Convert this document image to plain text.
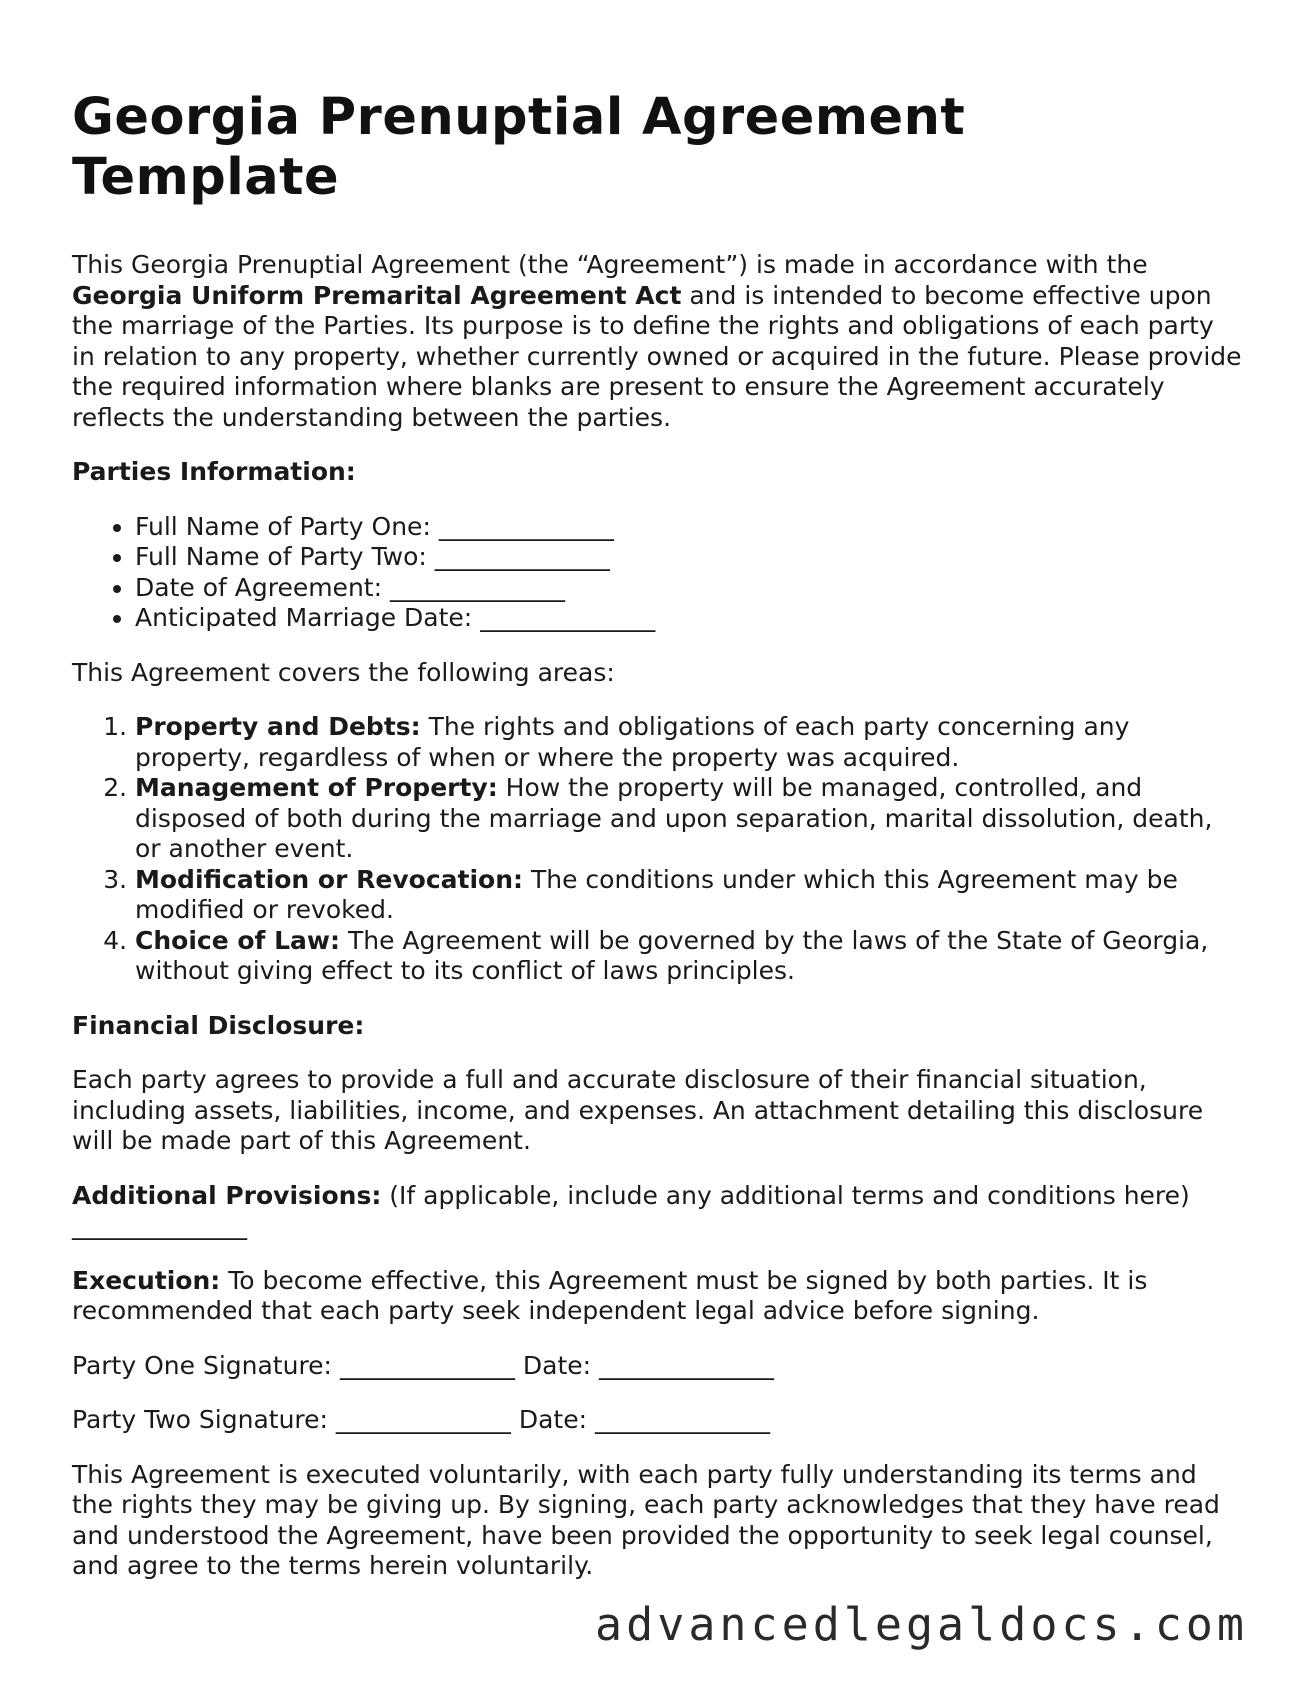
Georgia Prenuptial Agreement Template

This Georgia Prenuptial Agreement (the “Agreement”) is made in accordance with the Georgia Uniform Premarital Agreement Act and is intended to become effective upon the marriage of the Parties. Its purpose is to define the rights and obligations of each party in relation to any property, whether currently owned or acquired in the future. Please provide the required information where blanks are present to ensure the Agreement accurately reflects the understanding between the parties.

Parties Information:

• Full Name of Party One: ______________
• Full Name of Party Two: ______________
• Date of Agreement: ______________
• Anticipated Marriage Date: ______________

This Agreement covers the following areas:

1. Property and Debts: The rights and obligations of each party concerning any property, regardless of when or where the property was acquired.
2. Management of Property: How the property will be managed, controlled, and disposed of both during the marriage and upon separation, marital dissolution, death, or another event.
3. Modification or Revocation: The conditions under which this Agreement may be modified or revoked.
4. Choice of Law: The Agreement will be governed by the laws of the State of Georgia, without giving effect to its conflict of laws principles.

Financial Disclosure:

Each party agrees to provide a full and accurate disclosure of their financial situation, including assets, liabilities, income, and expenses. An attachment detailing this disclosure will be made part of this Agreement.

Additional Provisions: (If applicable, include any additional terms and conditions here)
______________

Execution: To become effective, this Agreement must be signed by both parties. It is recommended that each party seek independent legal advice before signing.

Party One Signature: ______________ Date: ______________

Party Two Signature: ______________ Date: ______________

This Agreement is executed voluntarily, with each party fully understanding its terms and the rights they may be giving up. By signing, each party acknowledges that they have read and understood the Agreement, have been provided the opportunity to seek legal counsel, and agree to the terms herein voluntarily.

advancedlegaldocs.com
